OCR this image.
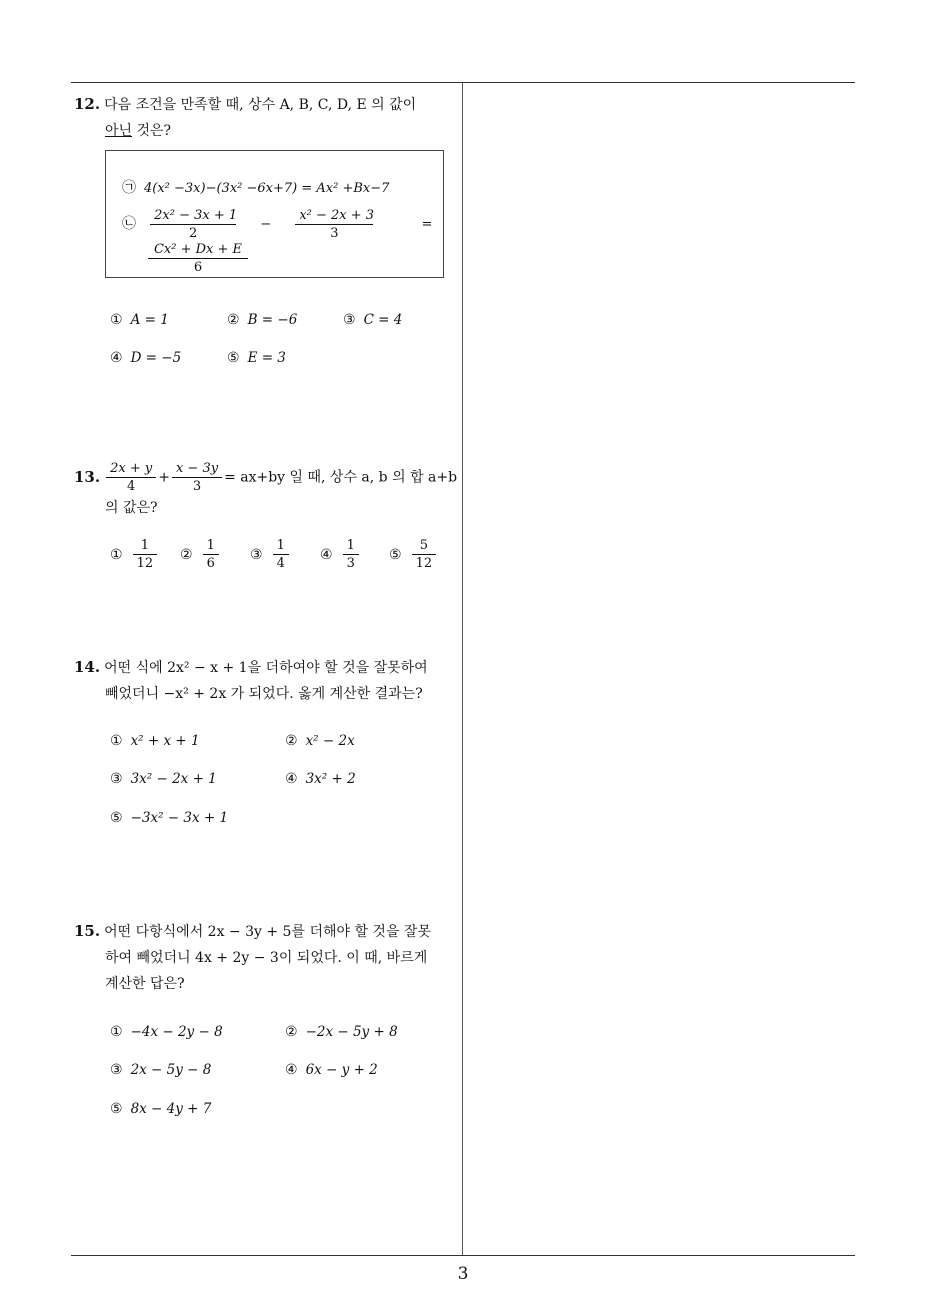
3
12. 다음 조건을 만족할 때, 상수 A, B, C, D, E 의 값이
아닌 것은?
㉠ 4(x² −3x)−(3x² −6x+7) = Ax² +Bx−7
㉡ $\frac{\text{2x² − 3x + 1}}{2} - \frac{\text{x² − 2x + 3}}{3}$	=
$\frac{\text{Cx² + Dx + E}}{6}$
① A = 1	② B = −6	③ C = 4
④ D = −5	⑤ E = 3
13. $\frac{2x + y}{4} + \frac{x - 3y}{3} = ax+by$ 일 때, 상수 a, b 의 합 a+b
의 값은?
① $\frac{1}{12}$ ② $\frac{1}{6}$ ③ $\frac{1}{4}$ ④ $\frac{1}{3}$ ⑤ $\frac{5}{12}$
14. 어떤 식에 2x² − x + 1을 더하여야 할 것을 잘못하여
빼었더니 −x² + 2x 가 되었다. 옳게 계산한 결과는?
① x² + x + 1	② x² − 2x
③ 3x² − 2x + 1	④ 3x² + 2
⑤ −3x² − 3x + 1
15. 어떤 다항식에서 2x − 3y + 5를 더해야 할 것을 잘못
하여 빼었더니 4x + 2y − 3이 되었다. 이 때, 바르게
계산한 답은?
① −4x − 2y − 8	② −2x − 5y + 8
③ 2x − 5y − 8	④ 6x − y + 2
⑤ 8x − 4y + 7
